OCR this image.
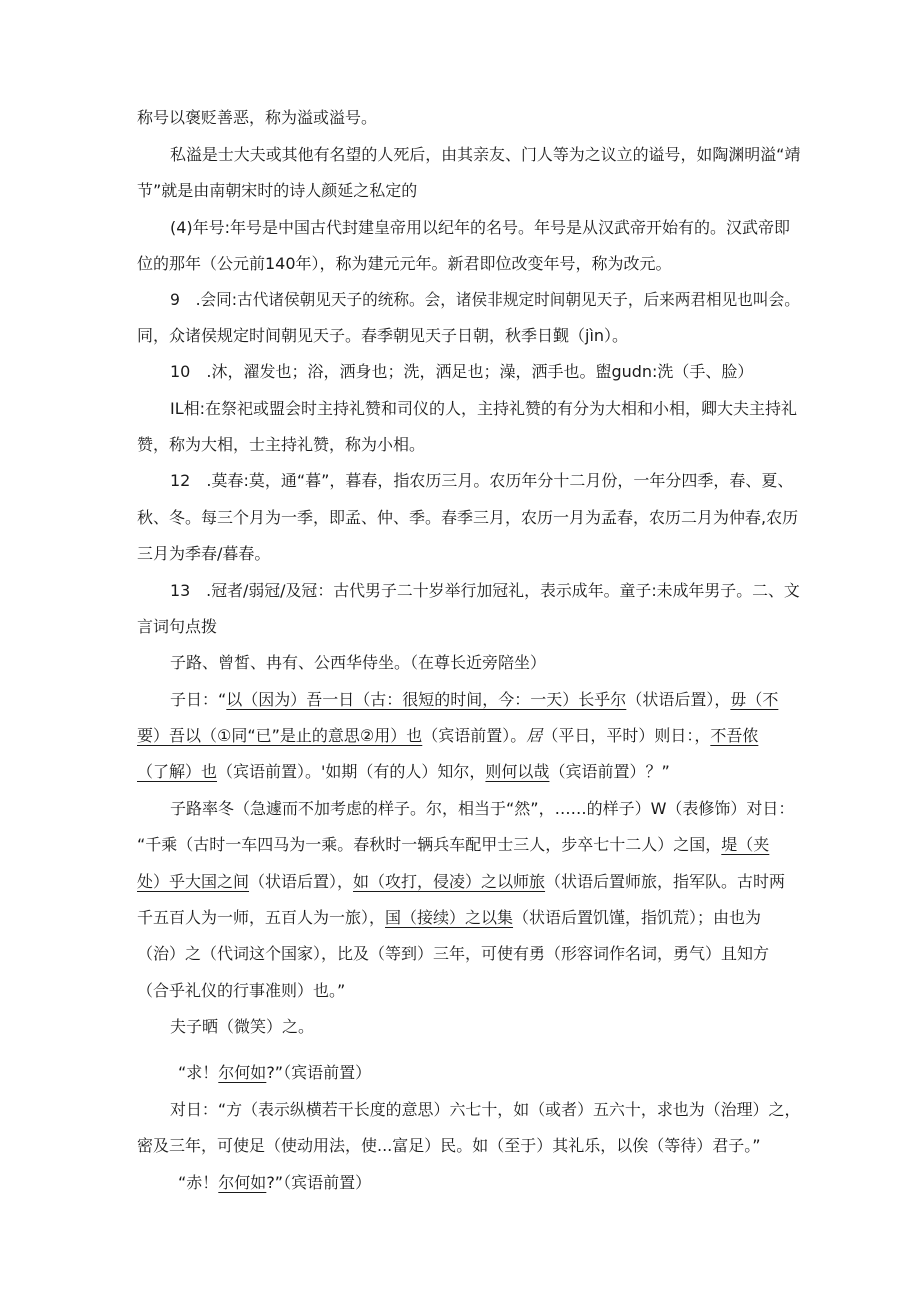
称号以褒贬善恶，称为溢或溢号。

私溢是士大夫或其他有名望的人死后，由其亲友、门人等为之议立的谥号，如陶渊明溢“靖

节”就是由南朝宋时的诗人颜延之私定的

(4)年号:年号是中国古代封建皇帝用以纪年的名号。年号是从汉武帝开始有的。汉武帝即

位的那年（公元前140年），称为建元元年。新君即位改变年号，称为改元。

9　.会同:古代诸侯朝见天子的统称。会，诸侯非规定时间朝见天子，后来两君相见也叫会。

同，众诸侯规定时间朝见天子。春季朝见天子日朝，秋季日觐（jìn）。

10　.沐，濯发也；浴，洒身也；洗，洒足也；澡，洒手也。盥gudn:洗（手、脸）

IL相:在祭祀或盟会时主持礼赞和司仪的人，主持礼赞的有分为大相和小相，卿大夫主持礼

赞，称为大相，士主持礼赞，称为小相。

12　.莫春:莫，通“暮”，暮春，指农历三月。农历年分十二月份，一年分四季，春、夏、

秋、冬。每三个月为一季，即孟、仲、季。春季三月，农历一月为孟春，农历二月为仲春,农历

三月为季春/暮春。

13　.冠者/弱冠/及冠：古代男子二十岁举行加冠礼，表示成年。童子:未成年男子。二、文

言词句点拨

子路、曾皙、冉有、公西华侍坐。（在尊长近旁陪坐）

子日：“以（因为）吾一日（古：很短的时间，今：一天）长乎尔（状语后置），毋（不

要）吾以（①同“已”是止的意思②用）也（宾语前置）。居（平日，平时）则日：，不吾侬

（了解）也（宾语前置）。'如期（有的人）知尔，则何以哉（宾语前置）？”

子路率冬（急遽而不加考虑的样子。尔，相当于“然”，……的样子）W（表修饰）对日：

“千乘（古时一车四马为一乘。春秋时一辆兵车配甲士三人，步卒七十二人）之国，堤（夹

处）乎大国之间（状语后置），如（攻打，侵凌）之以师旅（状语后置师旅，指军队。古时两

千五百人为一师，五百人为一旅），国（接续）之以集（状语后置饥馑，指饥荒）；由也为

（治）之（代词这个国家），比及（等到）三年，可使有勇（形容词作名词，勇气）且知方

（合乎礼仪的行事准则）也。”

夫子晒（微笑）之。

“求！尔何如?”（宾语前置）

对日：“方（表示纵横若干长度的意思）六七十，如（或者）五六十，求也为（治理）之，

密及三年，可使足（使动用法，使...富足）民。如（至于）其礼乐，以俟（等待）君子。”

“赤！尔何如?”（宾语前置）
